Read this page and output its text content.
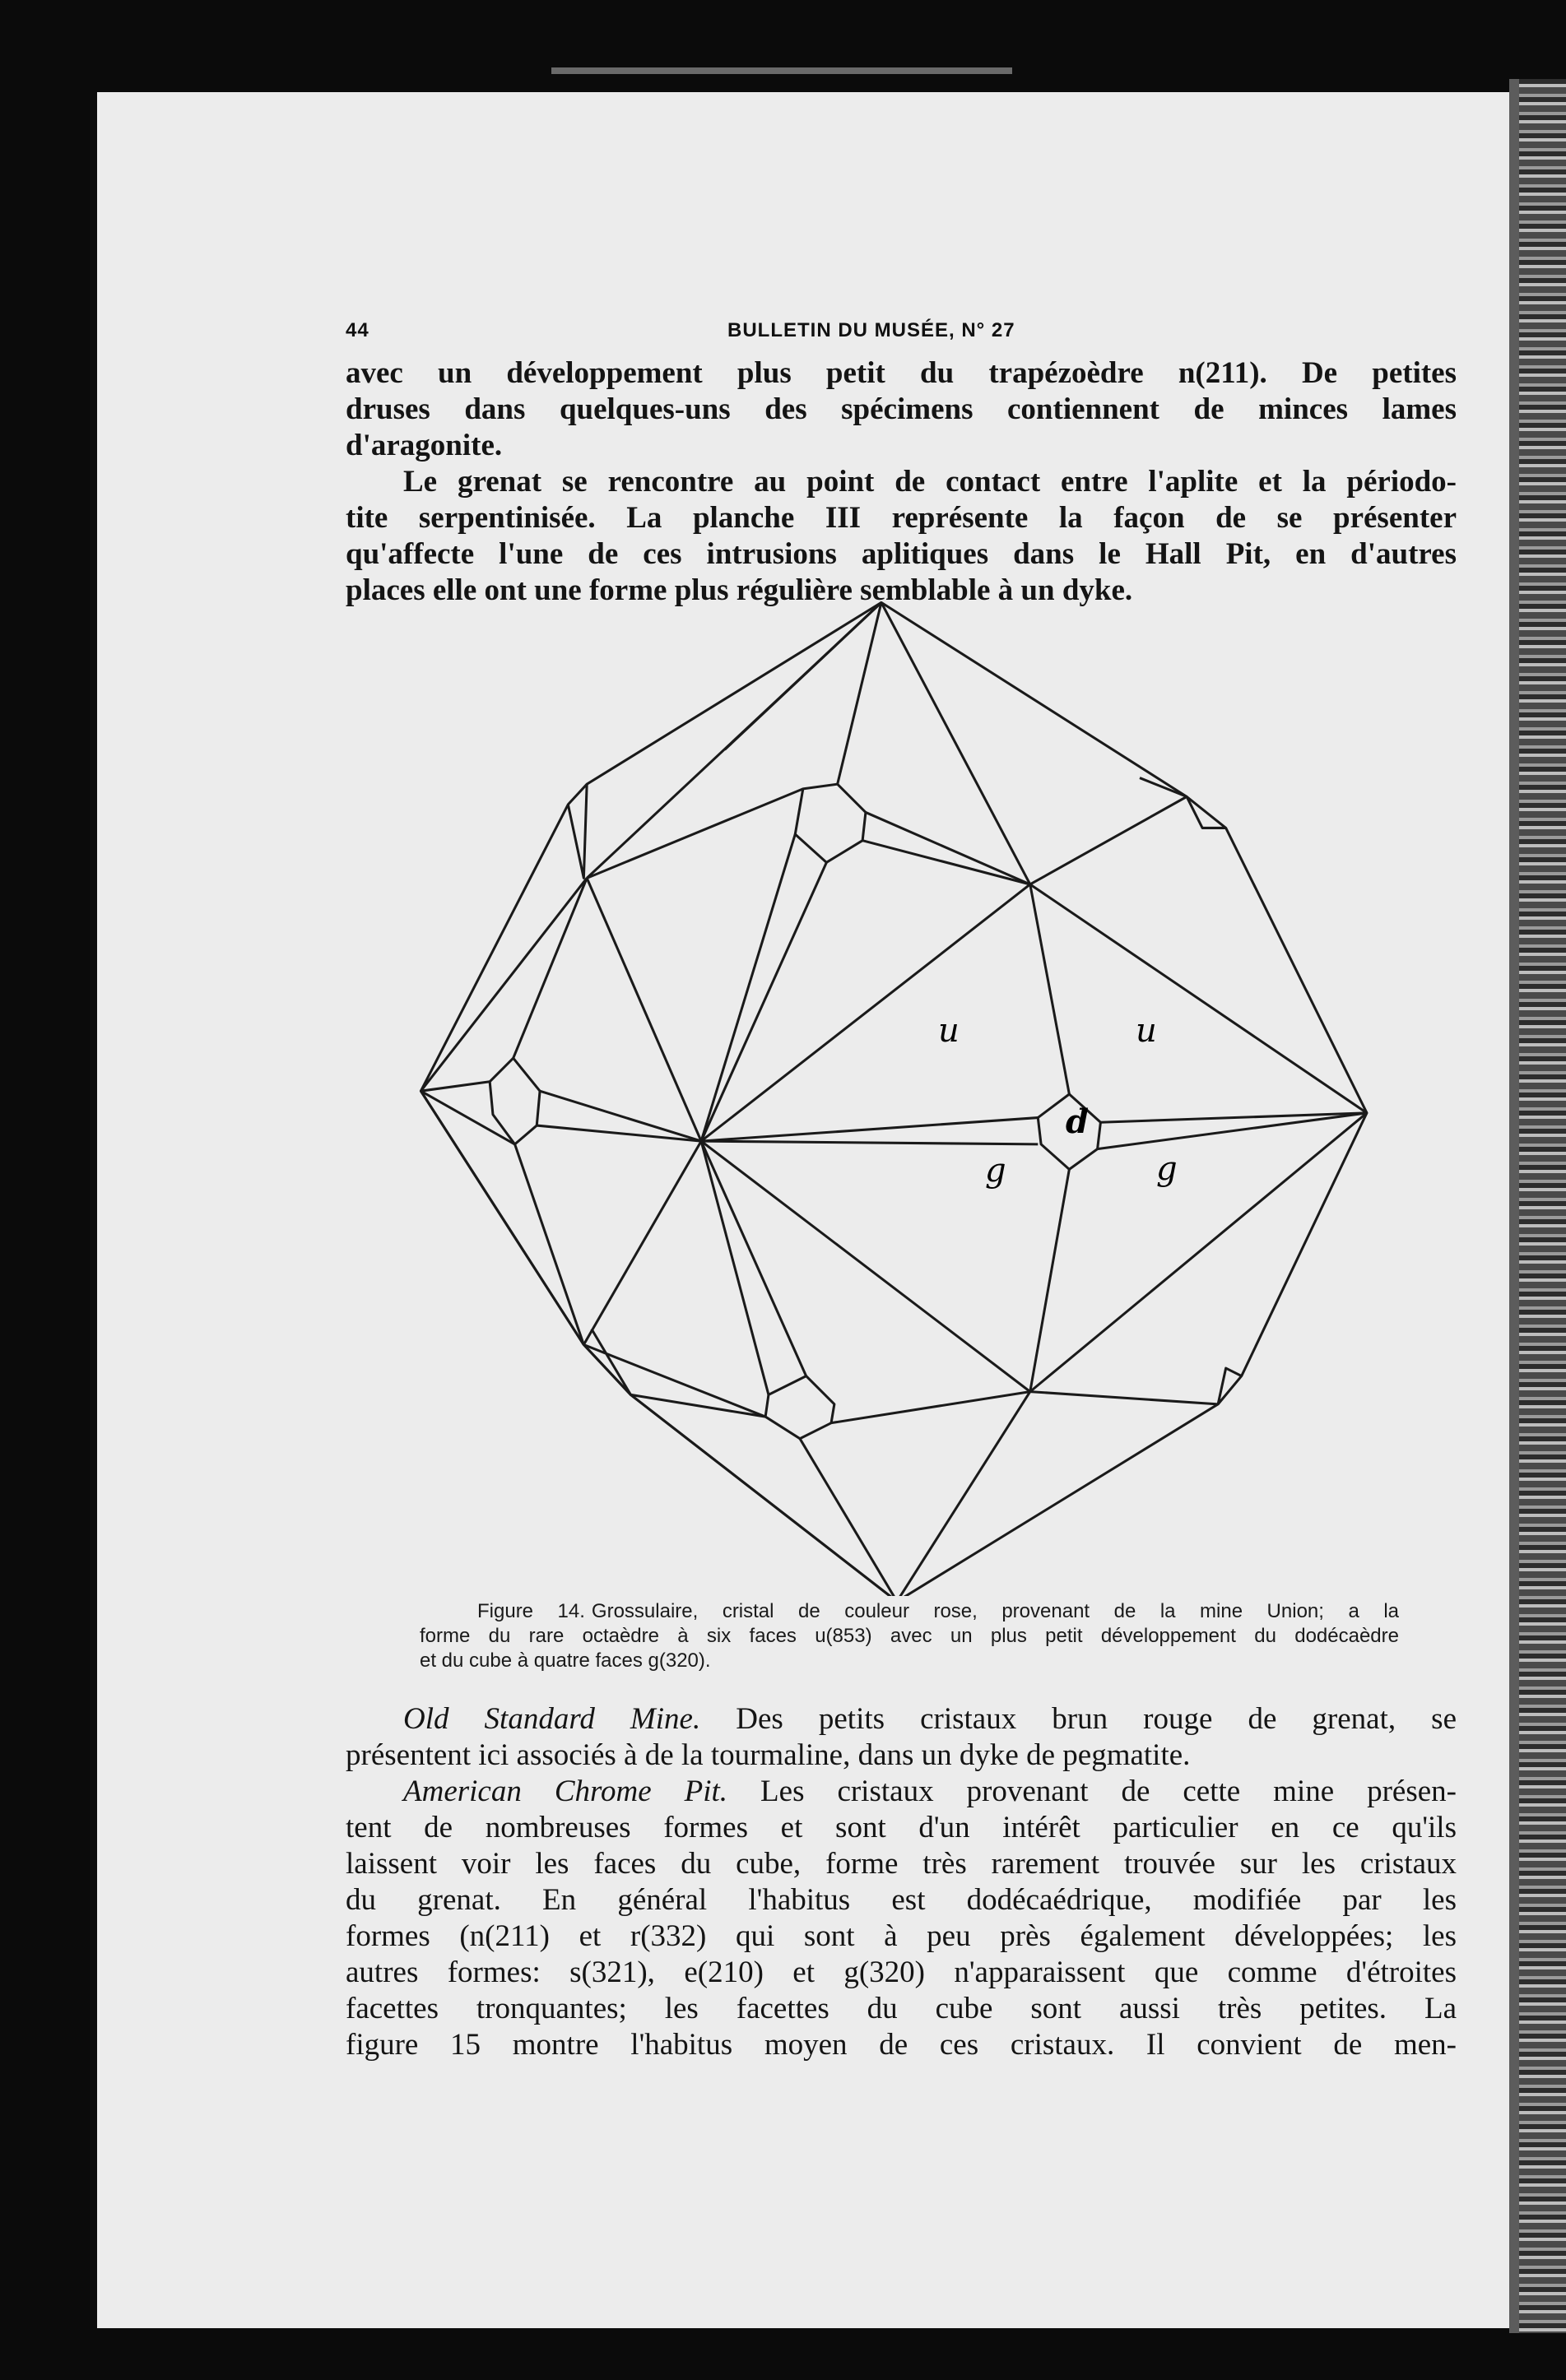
44	BULLETIN DU MUSÉE, N° 27
avec un développement plus petit du trapézoèdre n(211). De petites
druses dans quelques-uns des spécimens contiennent de minces lames
d'aragonite.
Le grenat se rencontre au point de contact entre l'aplite et la périodo-
tite serpentinisée. La planche III représente la façon de se présenter
qu'affecte l'une de ces intrusions aplitiques dans le Hall Pit, en d'autres
places elle ont une forme plus régulière semblable à un dyke.
u	u
d
g	g
Figure 14. Grossulaire, cristal de couleur rose, provenant de la mine Union; a la
forme du rare octaèdre à six faces u(853) avec un plus petit développement du dodécaèdre
et du cube à quatre faces g(320).
Old Standard Mine. Des petits cristaux brun rouge de grenat, se
présentent ici associés à de la tourmaline, dans un dyke de pegmatite.
American Chrome Pit. Les cristaux provenant de cette mine présen-
tent de nombreuses formes et sont d'un intérêt particulier en ce qu'ils
laissent voir les faces du cube, forme très rarement trouvée sur les cristaux
du grenat. En général l'habitus est dodécaédrique, modifiée par les
formes (n(211) et r(332) qui sont à peu près également développées; les
autres formes: s(321), e(210) et g(320) n'apparaissent que comme d'étroites
facettes tronquantes; les facettes du cube sont aussi très petites. La
figure 15 montre l'habitus moyen de ces cristaux. Il convient de men-
